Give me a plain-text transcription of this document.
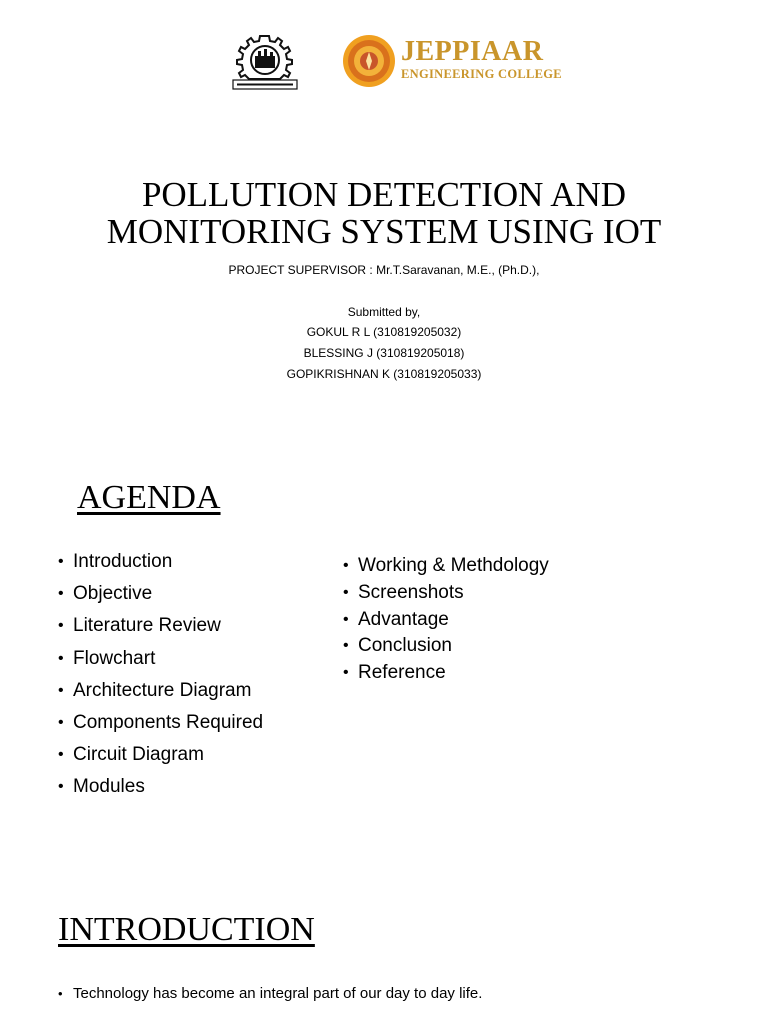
JEPPIAAR
ENGINEERING COLLEGE
POLLUTION DETECTION AND
MONITORING SYSTEM USING IOT
PROJECT SUPERVISOR : Mr.T.Saravanan, M.E., (Ph.D.),
Submitted by,
GOKUL R L (310819205032)
BLESSING J (310819205018)
GOPIKRISHNAN K (310819205033)
AGENDA
• Introduction
• Objective
• Literature Review
• Flowchart
• Architecture Diagram
• Components Required
• Circuit Diagram
• Modules
• Working & Methdology
• Screenshots
• Advantage
• Conclusion
• Reference
INTRODUCTION
• Technology has become an integral part of our day to day life.
